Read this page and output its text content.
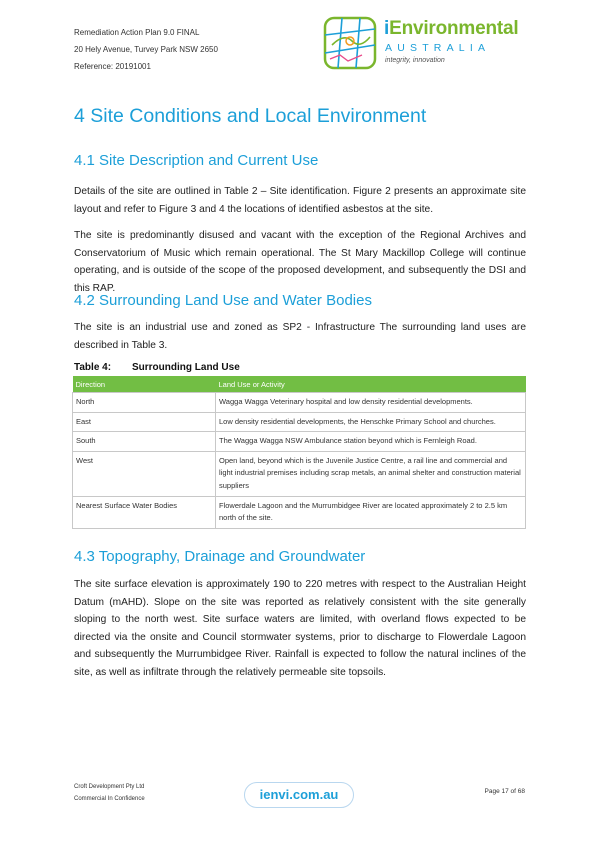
Remediation Action Plan 9.0 FINAL
20 Hely Avenue, Turvey Park NSW 2650
Reference: 20191001
iEnvironmental
AUSTRALIA
integrity, innovation
4 Site Conditions and Local Environment
4.1 Site Description and Current Use

Details of the site are outlined in Table 2 – Site identification. Figure 2 presents an approximate site layout and refer to Figure 3 and 4 the locations of identified asbestos at the site.

The site is predominantly disused and vacant with the exception of the Regional Archives and Conservatorium of Music which remain operational. The St Mary Mackillop College will continue operating, and is outside of the scope of the proposed development, and subsequently the DSI and this RAP.

4.2 Surrounding Land Use and Water Bodies

The site is an industrial use and zoned as SP2 - Infrastructure The surrounding land uses are described in Table 3.

Table 4: Surrounding Land Use
Direction	Land Use or Activity
North	Wagga Wagga Veterinary hospital and low density residential developments.
East	Low density residential developments, the Henschke Primary School and churches.
South	The Wagga Wagga NSW Ambulance station beyond which is Fernleigh Road.
West	Open land, beyond which is the Juvenile Justice Centre, a rail line and commercial and light industrial premises including scrap metals, an animal shelter and construction material suppliers
Nearest Surface Water Bodies	Flowerdale Lagoon and the Murrumbidgee River are located approximately 2 to 2.5 km north of the site.
4.3 Topography, Drainage and Groundwater

The site surface elevation is approximately 190 to 220 metres with respect to the Australian Height Datum (mAHD). Slope on the site was reported as relatively consistent with the site generally sloping to the north west. Site surface waters are limited, with overland flows expected to be directed via the onsite and Council stormwater systems, prior to discharge to Flowerdale Lagoon and subsequently the Murrumbidgee River. Rainfall is expected to follow the natural inclines of the site, as well as infiltrate through the relatively permeable site topsoils.

Croft Development Pty Ltd
Commercial In Confidence	ienvi.com.au	Page 17 of 68
